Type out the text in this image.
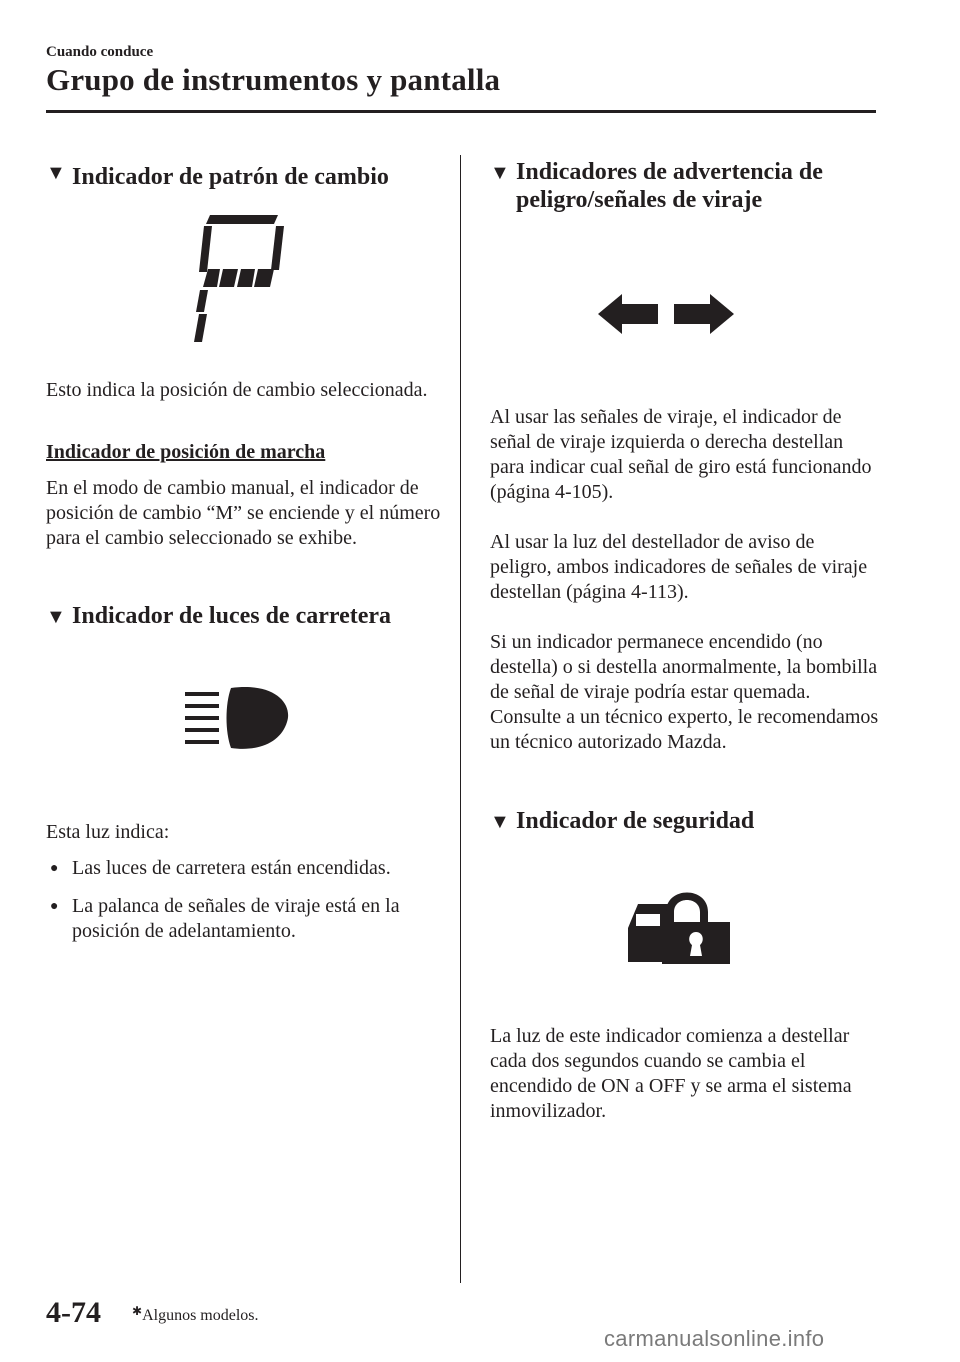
Cuando conduce
Grupo de instrumentos y pantalla
▼ Indicador de patrón de cambio
Esto indica la posición de cambio seleccionada.
Indicador de posición de marcha
En el modo de cambio manual, el indicador de posición de cambio “M” se enciende y el número para el cambio seleccionado se exhibe.
▼ Indicador de luces de carretera
Esta luz indica:
● Las luces de carretera están encendidas.
● La palanca de señales de viraje está en la posición de adelantamiento.
▼ Indicadores de advertencia de peligro/señales de viraje
Al usar las señales de viraje, el indicador de señal de viraje izquierda o derecha destellan para indicar cual señal de giro está funcionando (página 4-105).
Al usar la luz del destellador de aviso de peligro, ambos indicadores de señales de viraje destellan (página 4-113).
Si un indicador permanece encendido (no destella) o si destella anormalmente, la bombilla de señal de viraje podría estar quemada. Consulte a un técnico experto, le recomendamos un técnico autorizado Mazda.
▼ Indicador de seguridad
La luz de este indicador comienza a destellar cada dos segundos cuando se cambia el encendido de ON a OFF y se arma el sistema inmovilizador.
4-74	✱Algunos modelos.
carmanualsonline.info
